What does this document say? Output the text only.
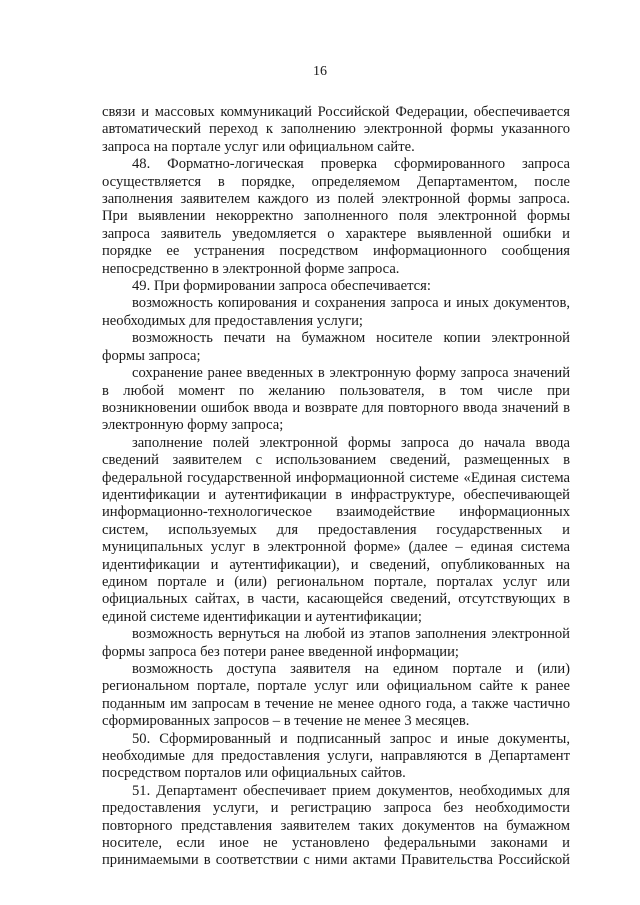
16

связи и массовых коммуникаций Российской Федерации, обеспечивается автоматический переход к заполнению электронной формы указанного запроса на портале услуг или официальном сайте.

48. Форматно-логическая проверка сформированного запроса осуществляется в порядке, определяемом Департаментом, после заполнения заявителем каждого из полей электронной формы запроса. При выявлении некорректно заполненного поля электронной формы запроса заявитель уведомляется о характере выявленной ошибки и порядке ее устранения посредством информационного сообщения непосредственно в электронной форме запроса.

49. При формировании запроса обеспечивается:

возможность копирования и сохранения запроса и иных документов, необходимых для предоставления услуги;

возможность печати на бумажном носителе копии электронной формы запроса;

сохранение ранее введенных в электронную форму запроса значений в любой момент по желанию пользователя, в том числе при возникновении ошибок ввода и возврате для повторного ввода значений в электронную форму запроса;

заполнение полей электронной формы запроса до начала ввода сведений заявителем с использованием сведений, размещенных в федеральной государственной информационной системе «Единая система идентификации и аутентификации в инфраструктуре, обеспечивающей информационно-технологическое взаимодействие информационных систем, используемых для предоставления государственных и муниципальных услуг в электронной форме» (далее – единая система идентификации и аутентификации), и сведений, опубликованных на едином портале и (или) региональном портале, порталах услуг или официальных сайтах, в части, касающейся сведений, отсутствующих в единой системе идентификации и аутентификации;

возможность вернуться на любой из этапов заполнения электронной формы запроса без потери ранее введенной информации;

возможность доступа заявителя на едином портале и (или) региональном портале, портале услуг или официальном сайте к ранее поданным им запросам в течение не менее одного года, а также частично сформированных запросов – в течение не менее 3 месяцев.

50. Сформированный и подписанный запрос и иные документы, необходимые для предоставления услуги, направляются в Департамент посредством порталов или официальных сайтов.

51. Департамент обеспечивает прием документов, необходимых для предоставления услуги, и регистрацию запроса без необходимости повторного представления заявителем таких документов на бумажном носителе, если иное не установлено федеральными законами и принимаемыми в соответствии с ними актами Правительства Российской
